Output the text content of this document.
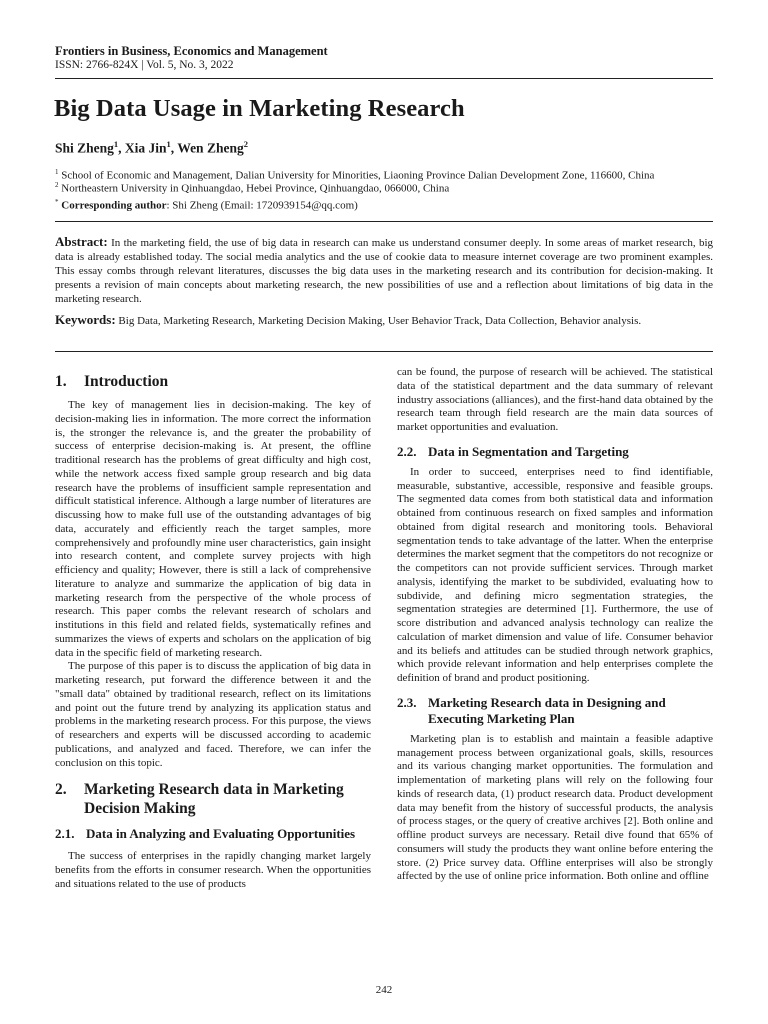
Frontiers in Business, Economics and Management
ISSN: 2766-824X | Vol. 5, No. 3, 2022
Big Data Usage in Marketing Research
Shi Zheng$^1$, Xia Jin$^1$, Wen Zheng$^2$
$^1$ School of Economic and Management, Dalian University for Minorities, Liaoning Province Dalian Development Zone, 116600, China
$^2$ Northeastern University in Qinhuangdao, Hebei Province, Qinhuangdao, 066000, China
* Corresponding author: Shi Zheng (Email: 1720939154@qq.com)

Abstract: In the marketing field, the use of big data in research can make us understand consumer deeply. In some areas of market research, big data is already established today. The social media analytics and the use of cookie data to measure internet coverage are two prominent examples. This essay combs through relevant literatures, discusses the big data uses in the marketing research and its contribution for decision-making. It presents a revision of main concepts about marketing research, the new possibilities of use and a reflection about limitations of big data in the marketing research.

Keywords: Big Data, Marketing Research, Marketing Decision Making, User Behavior Track, Data Collection, Behavior analysis.

1.	Introduction

The key of management lies in decision-making. The key of decision-making lies in information. The more correct the information is, the stronger the relevance is, and the greater the probability of success of enterprise decision-making is. At present, the offline traditional research has the problems of great difficulty and high cost, while the network access fixed sample group research and big data research have the problems of insufficient sample representation and difficult statistical inference. Although a large number of literatures are discussing how to make full use of the outstanding advantages of big data, accurately and efficiently reach the target samples, more comprehensively and profoundly mine user characteristics, gain insight into research content, and complete survey projects with high efficiency and quality; However, there is still a lack of comprehensive literature to analyze and summarize the application of big data in marketing research from the perspective of the whole process of research. This paper combs the relevant research of scholars and institutions in this field and related fields, systematically refines and summarizes the views of experts and scholars on the application of big data in the specific field of marketing research.

The purpose of this paper is to discuss the application of big data in marketing research, put forward the difference between it and the "small data" obtained by traditional research, reflect on its limitations and point out the future trend by analyzing its application status and problems in the marketing research process. For this purpose, the views of researchers and experts will be discussed according to academic publications, and analyzed and faced. Therefore, we can infer the conclusion on this topic.

2.	Marketing Research data in Marketing Decision Making
2.1. Data in Analyzing and Evaluating Opportunities

The success of enterprises in the rapidly changing market largely benefits from the efforts in consumer research. When the opportunities and situations related to the use of products

can be found, the purpose of research will be achieved. The statistical data of the statistical department and the data summary of relevant industry associations (alliances), and the first-hand data obtained by the research team through field research are the main data sources of market opportunities and evaluation.

2.2. Data in Segmentation and Targeting

In order to succeed, enterprises need to find identifiable, measurable, substantive, accessible, responsive and feasible groups. The segmented data comes from both statistical data and information obtained from continuous research on fixed samples and information obtained from digital research and monitoring tools. Behavioral segmentation tends to take advantage of the latter. When the enterprise determines the market segment that the competitors do not recognize or the competitors can not provide sufficient services. Through market analysis, identifying the market to be subdivided, evaluating how to subdivide, and defining micro segmentation strategies, the segmentation strategies are determined [1]. Furthermore, the use of score distribution and advanced analysis technology can realize the calculation of market dimension and value of life. Consumer behavior and its beliefs and attitudes can be studied through network graphics, which provide relevant information and help enterprises complete the definition of brand and product positioning.

2.3. Marketing Research data in Designing and Executing Marketing Plan

Marketing plan is to establish and maintain a feasible adaptive management process between organizational goals, skills, resources and its various changing market opportunities. The formulation and implementation of marketing plans will rely on the following four kinds of research data, (1) product research data. Product development data may benefit from the history of successful products, the analysis of process stages, or the query of creative archives [2]. Both online and offline product surveys are necessary. Retail dive found that 65% of consumers will study the products they want online before entering the store. (2) Price survey data. Offline enterprises will also be strongly affected by the use of online price information. Both online and offline

242
